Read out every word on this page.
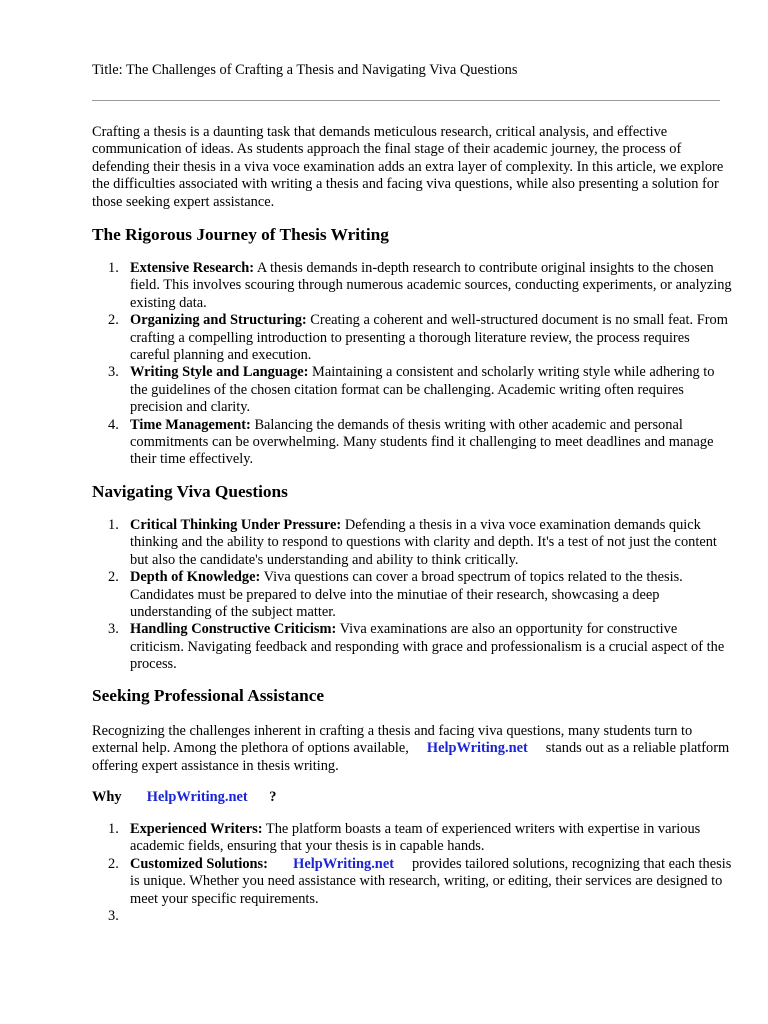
Title: The Challenges of Crafting a Thesis and Navigating Viva Questions
Crafting a thesis is a daunting task that demands meticulous research, critical analysis, and effective communication of ideas. As students approach the final stage of their academic journey, the process of defending their thesis in a viva voce examination adds an extra layer of complexity. In this article, we explore the difficulties associated with writing a thesis and facing viva questions, while also presenting a solution for those seeking expert assistance.
The Rigorous Journey of Thesis Writing
1. Extensive Research: A thesis demands in-depth research to contribute original insights to the chosen field. This involves scouring through numerous academic sources, conducting experiments, or analyzing existing data.
2. Organizing and Structuring: Creating a coherent and well-structured document is no small feat. From crafting a compelling introduction to presenting a thorough literature review, the process requires careful planning and execution.
3. Writing Style and Language: Maintaining a consistent and scholarly writing style while adhering to the guidelines of the chosen citation format can be challenging. Academic writing often requires precision and clarity.
4. Time Management: Balancing the demands of thesis writing with other academic and personal commitments can be overwhelming. Many students find it challenging to meet deadlines and manage their time effectively.
Navigating Viva Questions
1. Critical Thinking Under Pressure: Defending a thesis in a viva voce examination demands quick thinking and the ability to respond to questions with clarity and depth. It's a test of not just the content but also the candidate's understanding and ability to think critically.
2. Depth of Knowledge: Viva questions can cover a broad spectrum of topics related to the thesis. Candidates must be prepared to delve into the minutiae of their research, showcasing a deep understanding of the subject matter.
3. Handling Constructive Criticism: Viva examinations are also an opportunity for constructive criticism. Navigating feedback and responding with grace and professionalism is a crucial aspect of the process.
Seeking Professional Assistance
Recognizing the challenges inherent in crafting a thesis and facing viva questions, many students turn to external help. Among the plethora of options available, HelpWriting.net stands out as a reliable platform offering expert assistance in thesis writing.
Why HelpWriting.net ?
1. Experienced Writers: The platform boasts a team of experienced writers with expertise in various academic fields, ensuring that your thesis is in capable hands.
2. Customized Solutions: HelpWriting.net     provides tailored solutions, recognizing that each thesis is unique. Whether you need assistance with research, writing, or editing, their services are designed to meet your specific requirements.
3.
